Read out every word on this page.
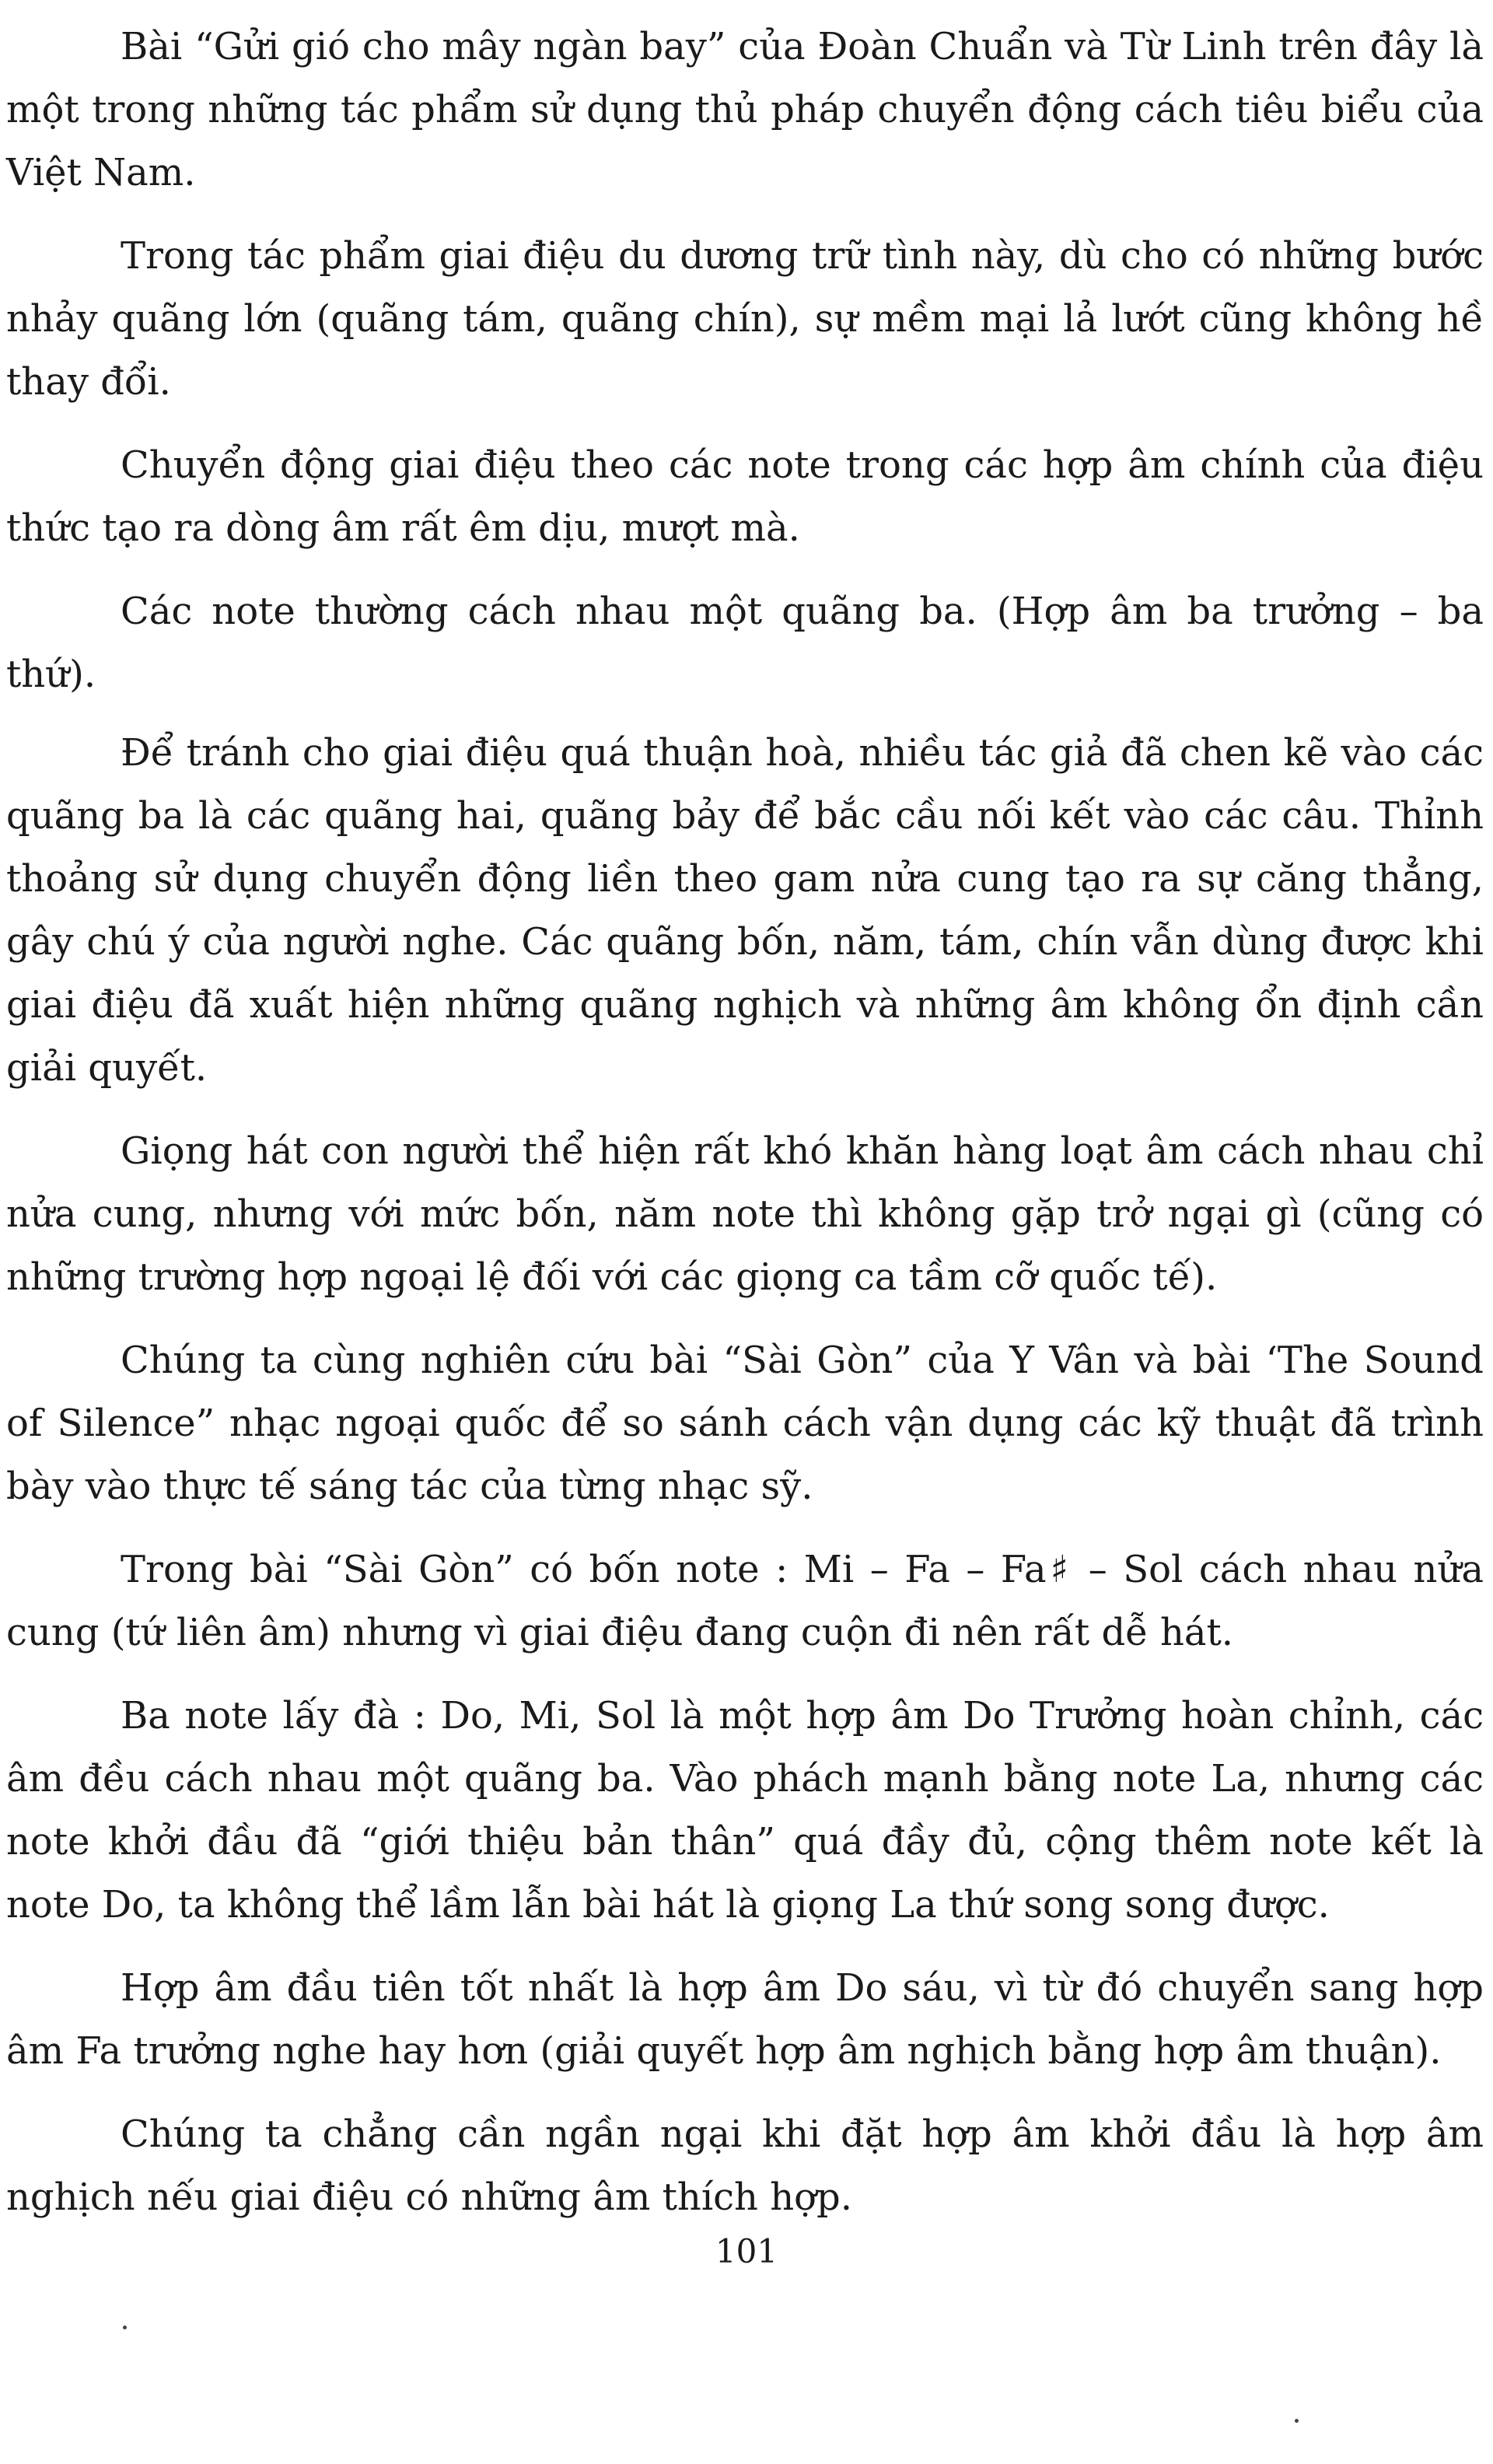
Bài “Gửi gió cho mây ngàn bay” của Đoàn Chuẩn và Từ Linh trên đây là một trong những tác phẩm sử dụng thủ pháp chuyển động cách tiêu biểu của Việt Nam.

Trong tác phẩm giai điệu du dương trữ tình này, dù cho có những bước nhảy quãng lớn (quãng tám, quãng chín), sự mềm mại lả lướt cũng không hề thay đổi.

Chuyển động giai điệu theo các note trong các hợp âm chính của điệu thức tạo ra dòng âm rất êm dịu, mượt mà.

Các note thường cách nhau một quãng ba. (Hợp âm ba trưởng – ba thứ).

Để tránh cho giai điệu quá thuận hoà, nhiều tác giả đã chen kẽ vào các quãng ba là các quãng hai, quãng bảy để bắc cầu nối kết vào các câu. Thỉnh thoảng sử dụng chuyển động liền theo gam nửa cung tạo ra sự căng thẳng, gây chú ý của người nghe. Các quãng bốn, năm, tám, chín vẫn dùng được khi giai điệu đã xuất hiện những quãng nghịch và những âm không ổn định cần giải quyết.

Giọng hát con người thể hiện rất khó khăn hàng loạt âm cách nhau chỉ nửa cung, nhưng với mức bốn, năm note thì không gặp trở ngại gì (cũng có những trường hợp ngoại lệ đối với các giọng ca tầm cỡ quốc tế).

Chúng ta cùng nghiên cứu bài “Sài Gòn” của Y Vân và bài ‘The Sound of Silence” nhạc ngoại quốc để so sánh cách vận dụng các kỹ thuật đã trình bày vào thực tế sáng tác của từng nhạc sỹ.

Trong bài “Sài Gòn” có bốn note : Mi – Fa – Fa♯ – Sol cách nhau nửa cung (tứ liên âm) nhưng vì giai điệu đang cuộn đi nên rất dễ hát.

Ba note lấy đà : Do, Mi, Sol là một hợp âm Do Trưởng hoàn chỉnh, các âm đều cách nhau một quãng ba. Vào phách mạnh bằng note La, nhưng các note khởi đầu đã “giới thiệu bản thân” quá đầy đủ, cộng thêm note kết là note Do, ta không thể lầm lẫn bài hát là giọng La thứ song song được.

Hợp âm đầu tiên tốt nhất là hợp âm Do sáu, vì từ đó chuyển sang hợp âm Fa trưởng nghe hay hơn (giải quyết hợp âm nghịch bằng hợp âm thuận).

Chúng ta chẳng cần ngần ngại khi đặt hợp âm khởi đầu là hợp âm nghịch nếu giai điệu có những âm thích hợp.

101
